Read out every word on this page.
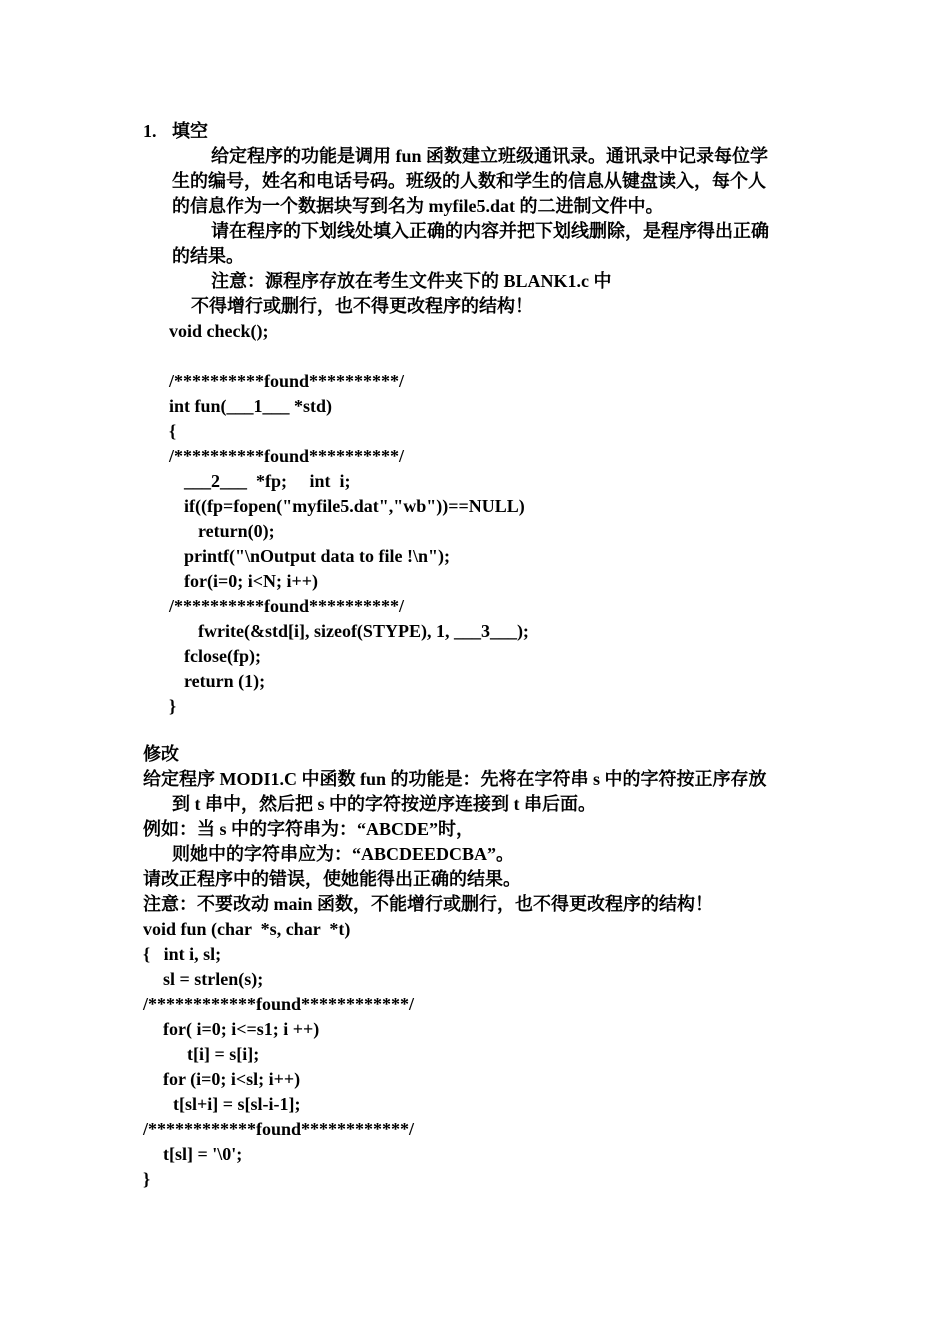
1. 填空
给定程序的功能是调用 fun 函数建立班级通讯录。通讯录中记录每位学
生的编号，姓名和电话号码。班级的人数和学生的信息从键盘读入，每个人
的信息作为一个数据块写到名为 myfile5.dat 的二进制文件中。
请在程序的下划线处填入正确的内容并把下划线删除，是程序得出正确
的结果。
注意：源程序存放在考生文件夹下的 BLANK1.c 中
不得增行或删行，也不得更改程序的结构！
void check();
/**********found**********/
int fun(___1___ *std)
{
/**********found**********/
___2___  *fp;     int  i;
if((fp=fopen("myfile5.dat","wb"))==NULL)
return(0);
printf("\nOutput data to file !\n");
for(i=0; i<N; i++)
/**********found**********/
fwrite(&std[i], sizeof(STYPE), 1, ___3___);
fclose(fp);
return (1);
}
修改
给定程序 MODI1.C 中函数 fun 的功能是：先将在字符串 s 中的字符按正序存放
到 t 串中，然后把 s 中的字符按逆序连接到 t 串后面。
例如：当 s 中的字符串为：“ABCDE”时，
则她中的字符串应为：“ABCDEEDCBA”。
请改正程序中的错误，使她能得出正确的结果。
注意：不要改动 main 函数，不能增行或删行，也不得更改程序的结构！
void fun (char  *s, char  *t)
{   int i, sl;
sl = strlen(s);
/************found************/
for( i=0; i<=s1; i ++)
t[i] = s[i];
for (i=0; i<sl; i++)
t[sl+i] = s[sl-i-1];
/************found************/
t[sl] = '\0';
}
